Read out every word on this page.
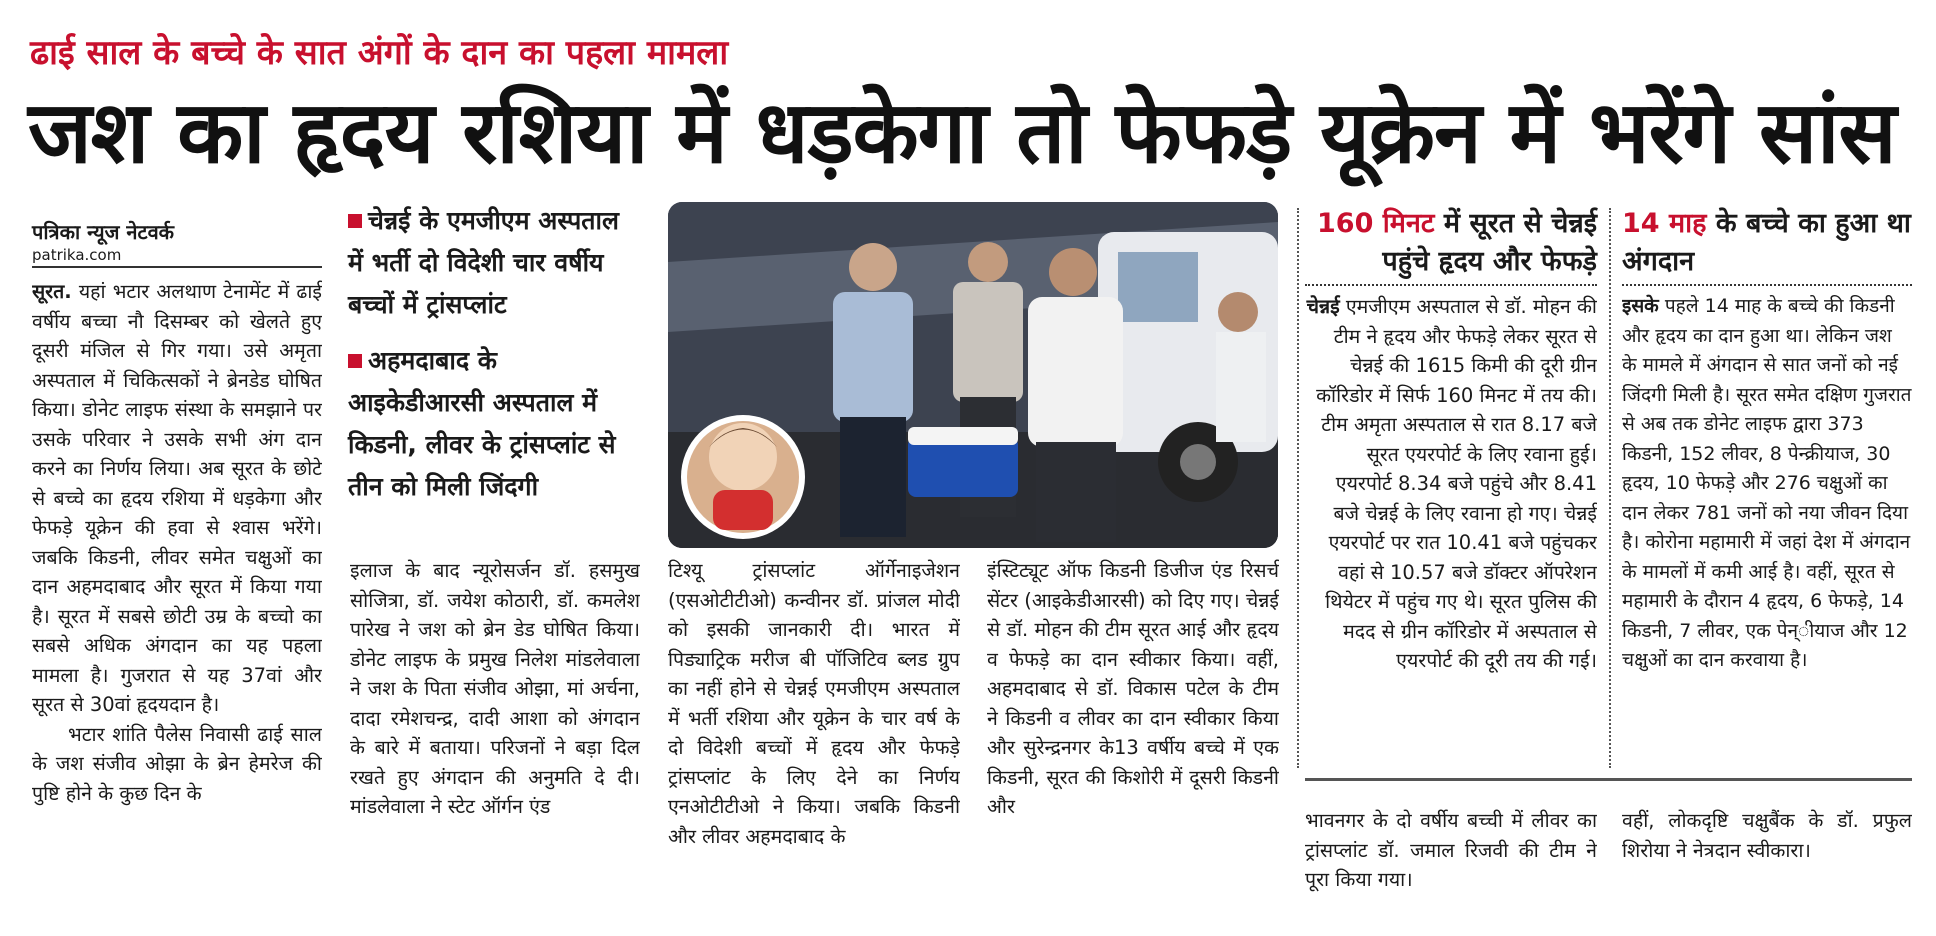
ढाई साल के बच्चे के सात अंगों के दान का पहला मामला
जश का हृदय रशिया में धड़केगा तो फेफड़े यूक्रेन में भरेंगे सांस
पत्रिका न्यूज नेटवर्क
patrika.com
सूरत. यहां भटार अलथाण टेनामेंट में ढाई वर्षीय बच्चा नौ दिसम्बर को खेलते हुए दूसरी मंजिल से गिर गया। उसे अमृता अस्पताल में चिकित्सकों ने ब्रेनडेड घोषित किया। डोनेट लाइफ संस्था के समझाने पर उसके परिवार ने उसके सभी अंग दान करने का निर्णय लिया। अब सूरत के छोटे से बच्चे का हृदय रशिया में धड़केगा और फेफड़े यूक्रेन की हवा से श्वास भरेंगे। जबकि किडनी, लीवर समेत चक्षुओं का दान अहमदाबाद और सूरत में किया गया है। सूरत में सबसे छोटी उम्र के बच्चो का सबसे अधिक अंगदान का यह पहला मामला है। गुजरात से यह 37वां और सूरत से 30वां हृदयदान है।
भटार शांति पैलेस निवासी ढाई साल के जश संजीव ओझा के ब्रेन हेमरेज की पुष्टि होने के कुछ दिन के
चेन्नई के एमजीएम अस्पताल में भर्ती दो विदेशी चार वर्षीय बच्चों में ट्रांसप्लांट
अहमदाबाद के आइकेडीआरसी अस्पताल में किडनी, लीवर के ट्रांसप्लांट से तीन को मिली जिंदगी
इलाज के बाद न्यूरोसर्जन डॉ. हसमुख सोजित्रा, डॉ. जयेश कोठारी, डॉ. कमलेश पारेख ने जश को ब्रेन डेड घोषित किया। डोनेट लाइफ के प्रमुख निलेश मांडलेवाला ने जश के पिता संजीव ओझा, मां अर्चना, दादा रमेशचन्द्र, दादी आशा को अंगदान के बारे में बताया। परिजनों ने बड़ा दिल रखते हुए अंगदान की अनुमति दे दी। मांडलेवाला ने स्टेट ऑर्गन एंड
टिश्यू ट्रांसप्लांट ऑर्गेनाइजेशन (एसओटीटीओ) कन्वीनर डॉ. प्रांजल मोदी को इसकी जानकारी दी। भारत में पिड्याट्रिक मरीज बी पॉजिटिव ब्लड ग्रुप का नहीं होने से चेन्नई एमजीएम अस्पताल में भर्ती रशिया और यूक्रेन के चार वर्ष के दो विदेशी बच्चों में हृदय और फेफड़े ट्रांसप्लांट के लिए देने का निर्णय एनओटीटीओ ने किया। जबकि किडनी और लीवर अहमदाबाद के
इंस्टिट्यूट ऑफ किडनी डिजीज एंड रिसर्च सेंटर (आइकेडीआरसी) को दिए गए। चेन्नई से डॉ. मोहन की टीम सूरत आई और हृदय व फेफड़े का दान स्वीकार किया। वहीं, अहमदाबाद से डॉ. विकास पटेल के टीम ने किडनी व लीवर का दान स्वीकार किया और सुरेन्द्रनगर के13 वर्षीय बच्चे में एक किडनी, सूरत की किशोरी में दूसरी किडनी और
160 मिनट में सूरत से चेन्नई पहुंचे हृदय और फेफड़े
चेन्नई एमजीएम अस्पताल से डॉ. मोहन की टीम ने हृदय और फेफड़े लेकर सूरत से चेन्नई की 1615 किमी की दूरी ग्रीन कॉरिडोर में सिर्फ 160 मिनट में तय की। टीम अमृता अस्पताल से रात 8.17 बजे सूरत एयरपोर्ट के लिए रवाना हुई। एयरपोर्ट 8.34 बजे पहुंचे और 8.41 बजे चेन्नई के लिए रवाना हो गए। चेन्नई एयरपोर्ट पर रात 10.41 बजे पहुंचकर वहां से 10.57 बजे डॉक्टर ऑपरेशन थियेटर में पहुंच गए थे। सूरत पुलिस की मदद से ग्रीन कॉरिडोर में अस्पताल से एयरपोर्ट की दूरी तय की गई।
14 माह के बच्चे का हुआ था अंगदान
इसके पहले 14 माह के बच्चे की किडनी और हृदय का दान हुआ था। लेकिन जश के मामले में अंगदान से सात जनों को नई जिंदगी मिली है। सूरत समेत दक्षिण गुजरात से अब तक डोनेट लाइफ द्वारा 373 किडनी, 152 लीवर, 8 पेन्क्रीयाज, 30 हृदय, 10 फेफड़े और 276 चक्षुओं का दान लेकर 781 जनों को नया जीवन दिया है। कोरोना महामारी में जहां देश में अंगदान के मामलों में कमी आई है। वहीं, सूरत से महामारी के दौरान 4 हृदय, 6 फेफड़े, 14 किडनी, 7 लीवर, एक पेन्‌ीयाज और 12 चक्षुओं का दान करवाया है।
भावनगर के दो वर्षीय बच्ची में लीवर का ट्रांसप्लांट डॉ. जमाल रिजवी की टीम ने पूरा किया गया।
वहीं, लोकदृष्टि चक्षुबैंक के डॉ. प्रफुल शिरोया ने नेत्रदान स्वीकारा।
